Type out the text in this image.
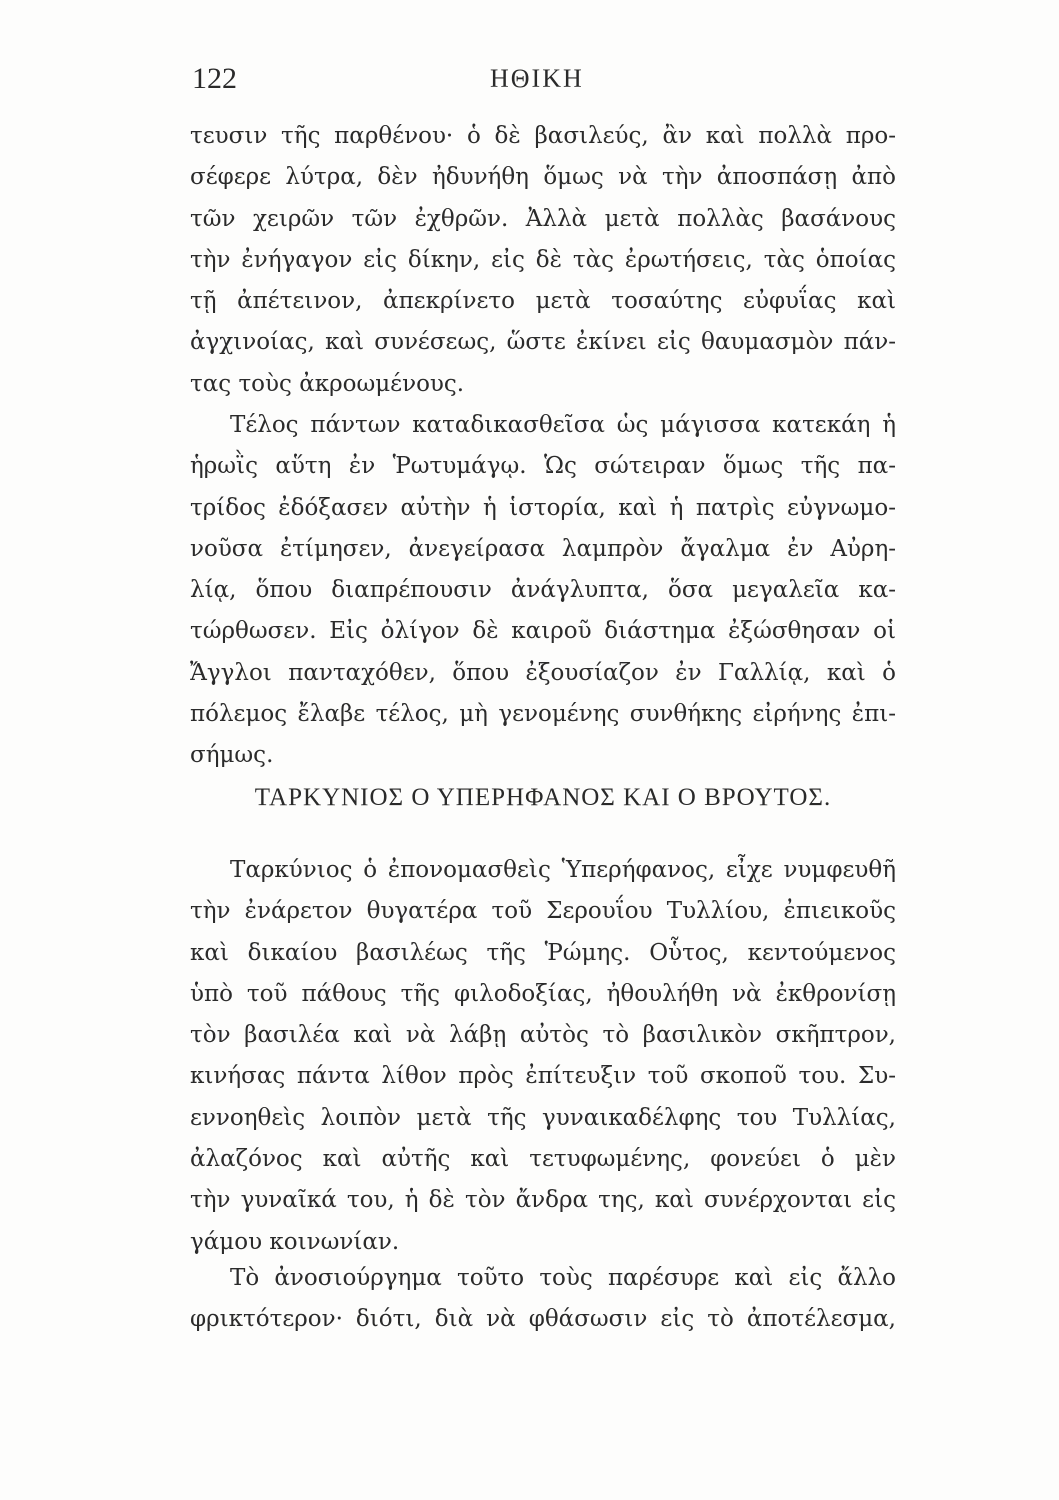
122	ΗΘΙΚΗ
τευσιν τῆς παρθένου· ὁ δὲ βασιλεύς, ἂν καὶ πολλὰ προ-
σέφερε λύτρα, δὲν ἠδυνήθη ὅμως νὰ τὴν ἀποσπάσῃ ἀπὸ
τῶν χειρῶν τῶν ἐχθρῶν. Ἀλλὰ μετὰ πολλὰς βασάνους
τὴν ἐνήγαγον εἰς δίκην, εἰς δὲ τὰς ἐρωτήσεις, τὰς ὁποίας
τῇ ἀπέτεινον, ἀπεκρίνετο μετὰ τοσαύτης εὐφυΐας καὶ
ἀγχινοίας, καὶ συνέσεως, ὥστε ἐκίνει εἰς θαυμασμὸν πάν-
τας τοὺς ἀκροωμένους.
Τέλος πάντων καταδικασθεῖσα ὡς μάγισσα κατεκάη ἡ
ἡρωῒς αὕτη ἐν Ῥωτυμάγῳ. Ὡς σώτειραν ὅμως τῆς πα-
τρίδος ἐδόξασεν αὐτὴν ἡ ἱστορία, καὶ ἡ πατρὶς εὐγνωμο-
νοῦσα ἐτίμησεν, ἀνεγείρασα λαμπρὸν ἄγαλμα ἐν Αὐρη-
λίᾳ, ὅπου διαπρέπουσιν ἀνάγλυπτα, ὅσα μεγαλεῖα κα-
τώρθωσεν. Εἰς ὀλίγον δὲ καιροῦ διάστημα ἐξώσθησαν οἱ
Ἄγγλοι πανταχόθεν, ὅπου ἐξουσίαζον ἐν Γαλλίᾳ, καὶ ὁ
πόλεμος ἔλαβε τέλος, μὴ γενομένης συνθήκης εἰρήνης ἐπι-
σήμως.
ΤΑΡΚΥΝΙΟΣ Ο ΥΠΕΡΗΦΑΝΟΣ ΚΑΙ Ο ΒΡΟΥΤΟΣ.
Ταρκύνιος ὁ ἐπονομασθεὶς Ὑπερήφανος, εἶχε νυμφευθῆ
τὴν ἐνάρετον θυγατέρα τοῦ Σερουΐου Τυλλίου, ἐπιεικοῦς
καὶ δικαίου βασιλέως τῆς Ῥώμης. Οὗτος, κεντούμενος
ὑπὸ τοῦ πάθους τῆς φιλοδοξίας, ἠθουλήθη νὰ ἐκθρονίσῃ
τὸν βασιλέα καὶ νὰ λάβῃ αὐτὸς τὸ βασιλικὸν σκῆπτρον,
κινήσας πάντα λίθον πρὸς ἐπίτευξιν τοῦ σκοποῦ του. Συ-
εννοηθεὶς λοιπὸν μετὰ τῆς γυναικαδέλφης του Τυλλίας,
ἀλαζόνος καὶ αὐτῆς καὶ τετυφωμένης, φονεύει ὁ μὲν
τὴν γυναῖκά του, ἡ δὲ τὸν ἄνδρα της, καὶ συνέρχονται εἰς
γάμου κοινωνίαν.
Τὸ ἀνοσιούργημα τοῦτο τοὺς παρέσυρε καὶ εἰς ἄλλο
φρικτότερον· διότι, διὰ νὰ φθάσωσιν εἰς τὸ ἀποτέλεσμα,
